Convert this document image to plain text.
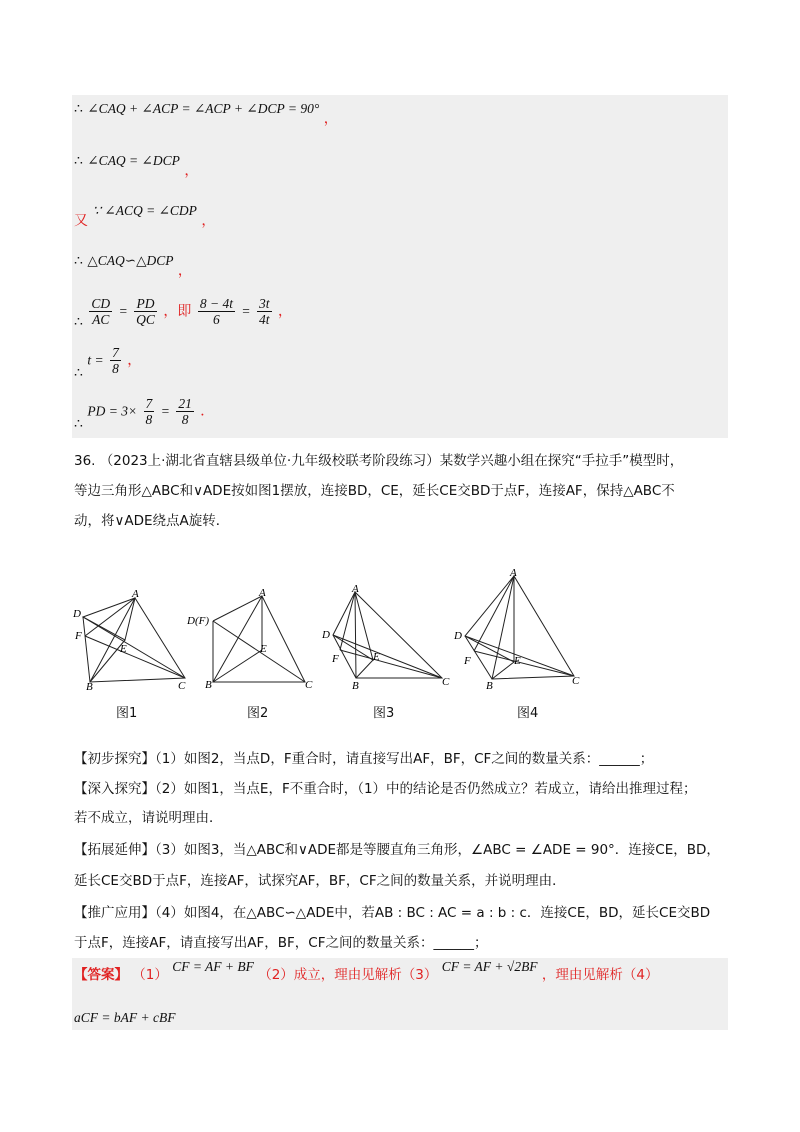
∴ ∠CAQ + ∠ACP = ∠ACP + ∠DCP = 90° ，
∴ ∠CAQ = ∠DCP ，
又 ∵ ∠ACQ = ∠CDP ，
∴ △CAQ∽△DCP ，
∴ $\frac{CD}{AC} = \frac{PD}{QC}$ ，即 $\frac{8 - 4t}{6} = \frac{3t}{4t}$ ，
∴ $t = \frac{7}{8}$ ，
∴ PD = $3\times \frac{7}{8} = \frac{21}{8}$ ．
36. （2023上·湖北省直辖县级单位·九年级校联考阶段练习）某数学兴趣小组在探究“手拉手”模型时，
等边三角形△ABC和∨ADE按如图1摆放，连接BD，CE，延长CE交BD于点F，连接AF，保持△ABC不
动，将∨ADE绕点A旋转．
A
D
F
E
B	C
图1
A
D(F)
E
B	C
图2
A
D
F	E
B	C
图3
A
D
F	E
B	C
图4
【初步探究】（1）如图2，当点D，F重合时，请直接写出AF，BF，CF之间的数量关系：______；
【深入探究】（2）如图1，当点E，F不重合时，（1）中的结论是否仍然成立？若成立，请给出推理过程；
若不成立，请说明理由．
【拓展延伸】（3）如图3，当△ABC和∨ADE都是等腰直角三角形，∠ABC = ∠ADE = 90°．连接CE，BD，
延长CE交BD于点F，连接AF，试探究AF，BF，CF之间的数量关系，并说明理由．
【推广应用】（4）如图4，在△ABC∽△ADE中，若AB : BC : AC = a : b : c．连接CE，BD，延长CE交BD
于点F，连接AF，请直接写出AF，BF，CF之间的数量关系：______；
【答案】 （1） CF = AF + BF （2）成立，理由见解析（3） CF = AF + √2BF ，理由见解析（4）
aCF = bAF + cBF
